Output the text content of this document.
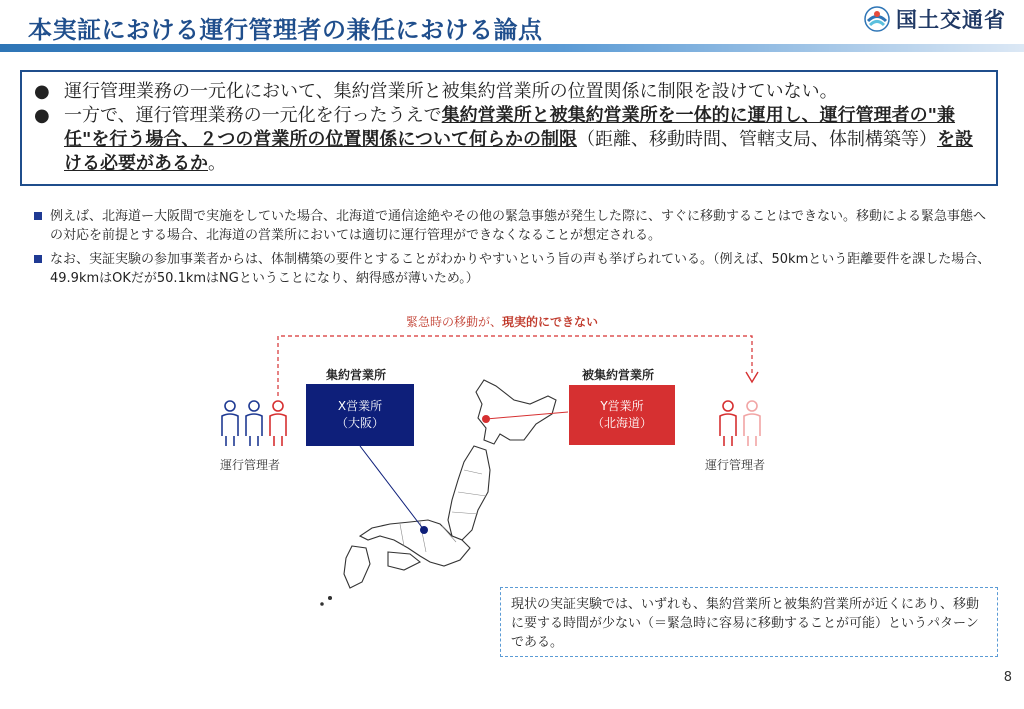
本実証における運行管理者の兼任における論点	国土交通省
● 運行管理業務の一元化において、集約営業所と被集約営業所の位置関係に制限を設けていない。
● 一方で、運行管理業務の一元化を行ったうえで集約営業所と被集約営業所を一体的に運用し、運行管理者の"兼任"を行う場合、２つの営業所の位置関係について何らかの制限（距離、移動時間、管轄支局、体制構築等）を設ける必要があるか。
例えば、北海道ー大阪間で実施をしていた場合、北海道で通信途絶やその他の緊急事態が発生した際に、すぐに移動することはできない。移動による緊急事態への対応を前提とする場合、北海道の営業所においては適切に運行管理ができなくなることが想定される。
なお、実証実験の参加事業者からは、体制構築の要件とすることがわかりやすいという旨の声も挙げられている。（例えば、50kmという距離要件を課した場合、49.9kmはOKだが50.1kmはNGということになり、納得感が薄いため。）
緊急時の移動が、現実的にできない
集約営業所
X営業所
（大阪）
被集約営業所
Y営業所
（北海道）
運行管理者	運行管理者
現状の実証実験では、いずれも、集約営業所と被集約営業所が近くにあり、移動に要する時間が少ない（＝緊急時に容易に移動することが可能）というパターンである。
8
